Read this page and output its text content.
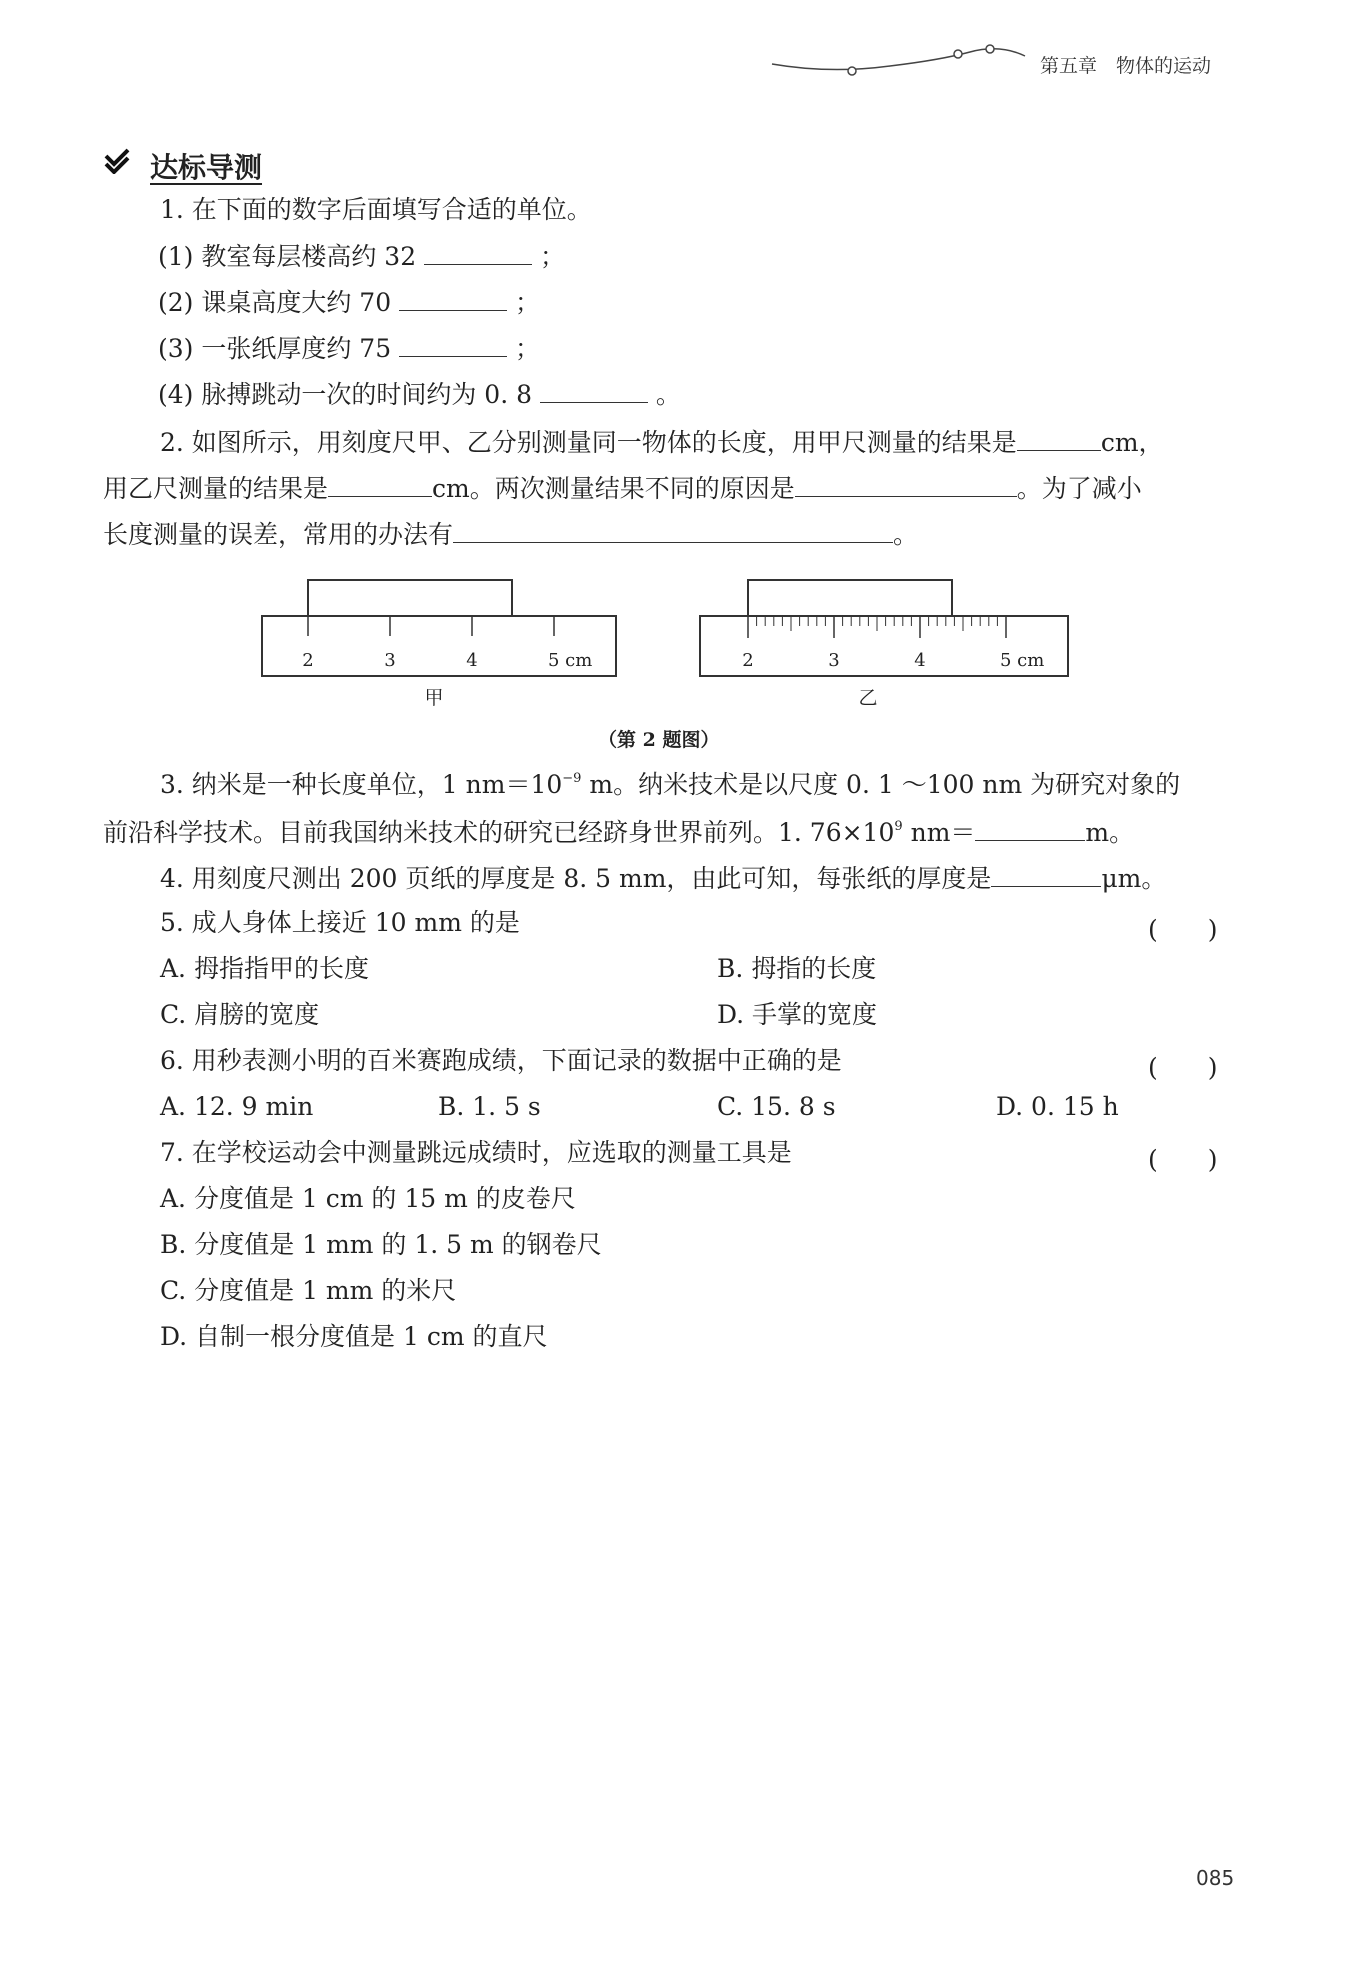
第五章　物体的运动
达标导测
1. 在下面的数字后面填写合适的单位。
(1) 教室每层楼高约 32	；
(2) 课桌高度大约 70	；
(3) 一张纸厚度约 75	；
(4) 脉搏跳动一次的时间约为 0. 8	。
2. 如图所示，用刻度尺甲、乙分别测量同一物体的长度，用甲尺测量的结果是	cm，
用乙尺测量的结果是	cm。两次测量结果不同的原因是	。为了减小
长度测量的误差，常用的办法有	。
2	3	4	5 cm
甲
2	3	4	5 cm
乙
（第 2 题图）
3. 纳米是一种长度单位，1 $nm=10^{-9}$ m。纳米技术是以尺度 0. 1 ～100 nm 为研究对象的
前沿科学技术。目前我国纳米技术的研究已经跻身世界前列。1. $76\times 10^9$ nm＝	m。
4. 用刻度尺测出 200 页纸的厚度是 8. 5 mm，由此可知，每张纸的厚度是	μm。
5. 成人身体上接近 10 mm 的是	(　　)
A. 拇指指甲的长度	B. 拇指的长度
C. 肩膀的宽度	D. 手掌的宽度
6. 用秒表测小明的百米赛跑成绩，下面记录的数据中正确的是	(　　)
A. 12. 9 min	B. 1. 5 s	C. 15. 8 s	D. 0. 15 h
7. 在学校运动会中测量跳远成绩时，应选取的测量工具是	(　　)
A. 分度值是 1 cm 的 15 m 的皮卷尺
B. 分度值是 1 mm 的 1. 5 m 的钢卷尺
C. 分度值是 1 mm 的米尺
D. 自制一根分度值是 1 cm 的直尺
085
